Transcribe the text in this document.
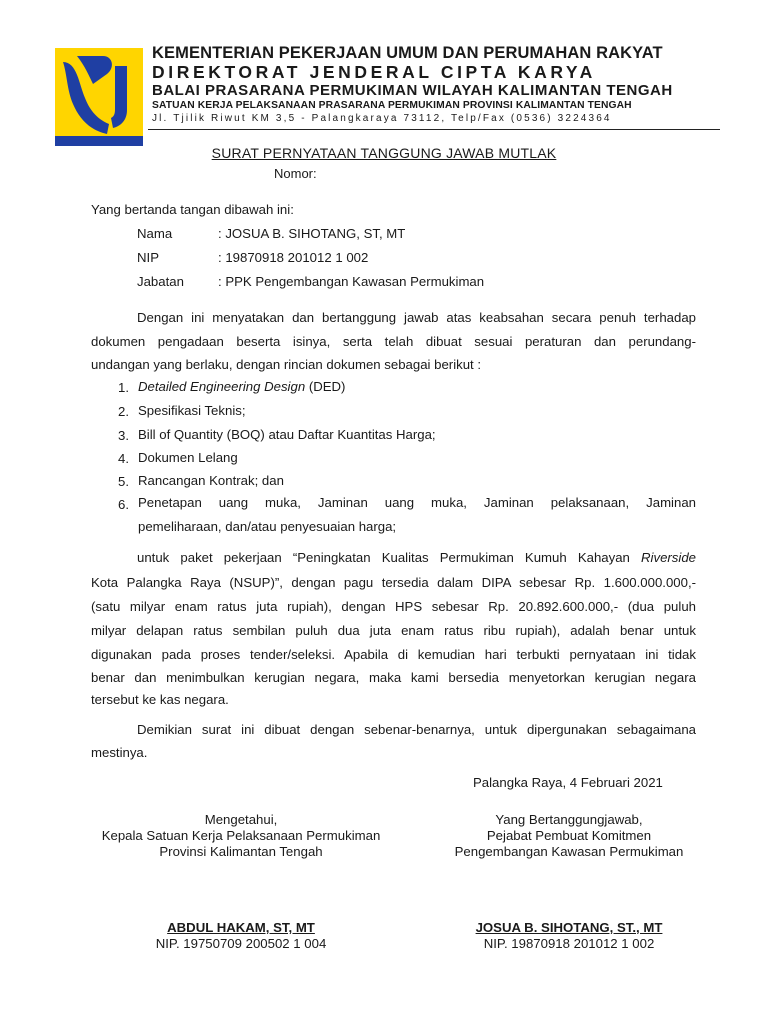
KEMENTERIAN PEKERJAAN UMUM DAN PERUMAHAN RAKYAT
DIREKTORAT JENDERAL CIPTA KARYA
BALAI PRASARANA PERMUKIMAN WILAYAH KALIMANTAN TENGAH
SATUAN KERJA PELAKSANAAN PRASARANA PERMUKIMAN PROVINSI KALIMANTAN TENGAH
Jl. Tjilik Riwut KM 3,5 - Palangkaraya 73112, Telp/Fax (0536) 3224364
SURAT PERNYATAAN TANGGUNG JAWAB MUTLAK
Nomor:
Yang bertanda tangan dibawah ini:
Nama	: JOSUA B. SIHOTANG, ST, MT
NIP	: 19870918 201012 1 002
Jabatan	: PPK Pengembangan Kawasan Permukiman
Dengan ini menyatakan dan bertanggung jawab atas keabsahan secara penuh terhadap
dokumen pengadaan beserta isinya, serta telah dibuat sesuai peraturan dan perundang-
undangan yang berlaku, dengan rincian dokumen sebagai berikut :
1. Detailed Engineering Design (DED)
2. Spesifikasi Teknis;
3. Bill of Quantity (BOQ) atau Daftar Kuantitas Harga;
4. Dokumen Lelang
5. Rancangan Kontrak; dan
6. Penetapan uang muka, Jaminan uang muka, Jaminan pelaksanaan, Jaminan
pemeliharaan, dan/atau penyesuaian harga;
untuk paket pekerjaan “Peningkatan Kualitas Permukiman Kumuh Kahayan Riverside
Kota Palangka Raya (NSUP)”, dengan pagu tersedia dalam DIPA sebesar Rp. 1.600.000.000,-
(satu milyar enam ratus juta rupiah), dengan HPS sebesar Rp. 20.892.600.000,- (dua puluh
milyar delapan ratus sembilan puluh dua juta enam ratus ribu rupiah), adalah benar untuk
digunakan pada proses tender/seleksi. Apabila di kemudian hari terbukti pernyataan ini tidak
benar dan menimbulkan kerugian negara, maka kami bersedia menyetorkan kerugian negara
tersebut ke kas negara.
Demikian surat ini dibuat dengan sebenar-benarnya, untuk dipergunakan sebagaimana
mestinya.
Palangka Raya, 4 Februari 2021
Mengetahui,
Kepala Satuan Kerja Pelaksanaan Permukiman
Provinsi Kalimantan Tengah
ABDUL HAKAM, ST, MT
NIP. 19750709 200502 1 004
Yang Bertanggungjawab,
Pejabat Pembuat Komitmen
Pengembangan Kawasan Permukiman
JOSUA B. SIHOTANG, ST., MT
NIP. 19870918 201012 1 002
